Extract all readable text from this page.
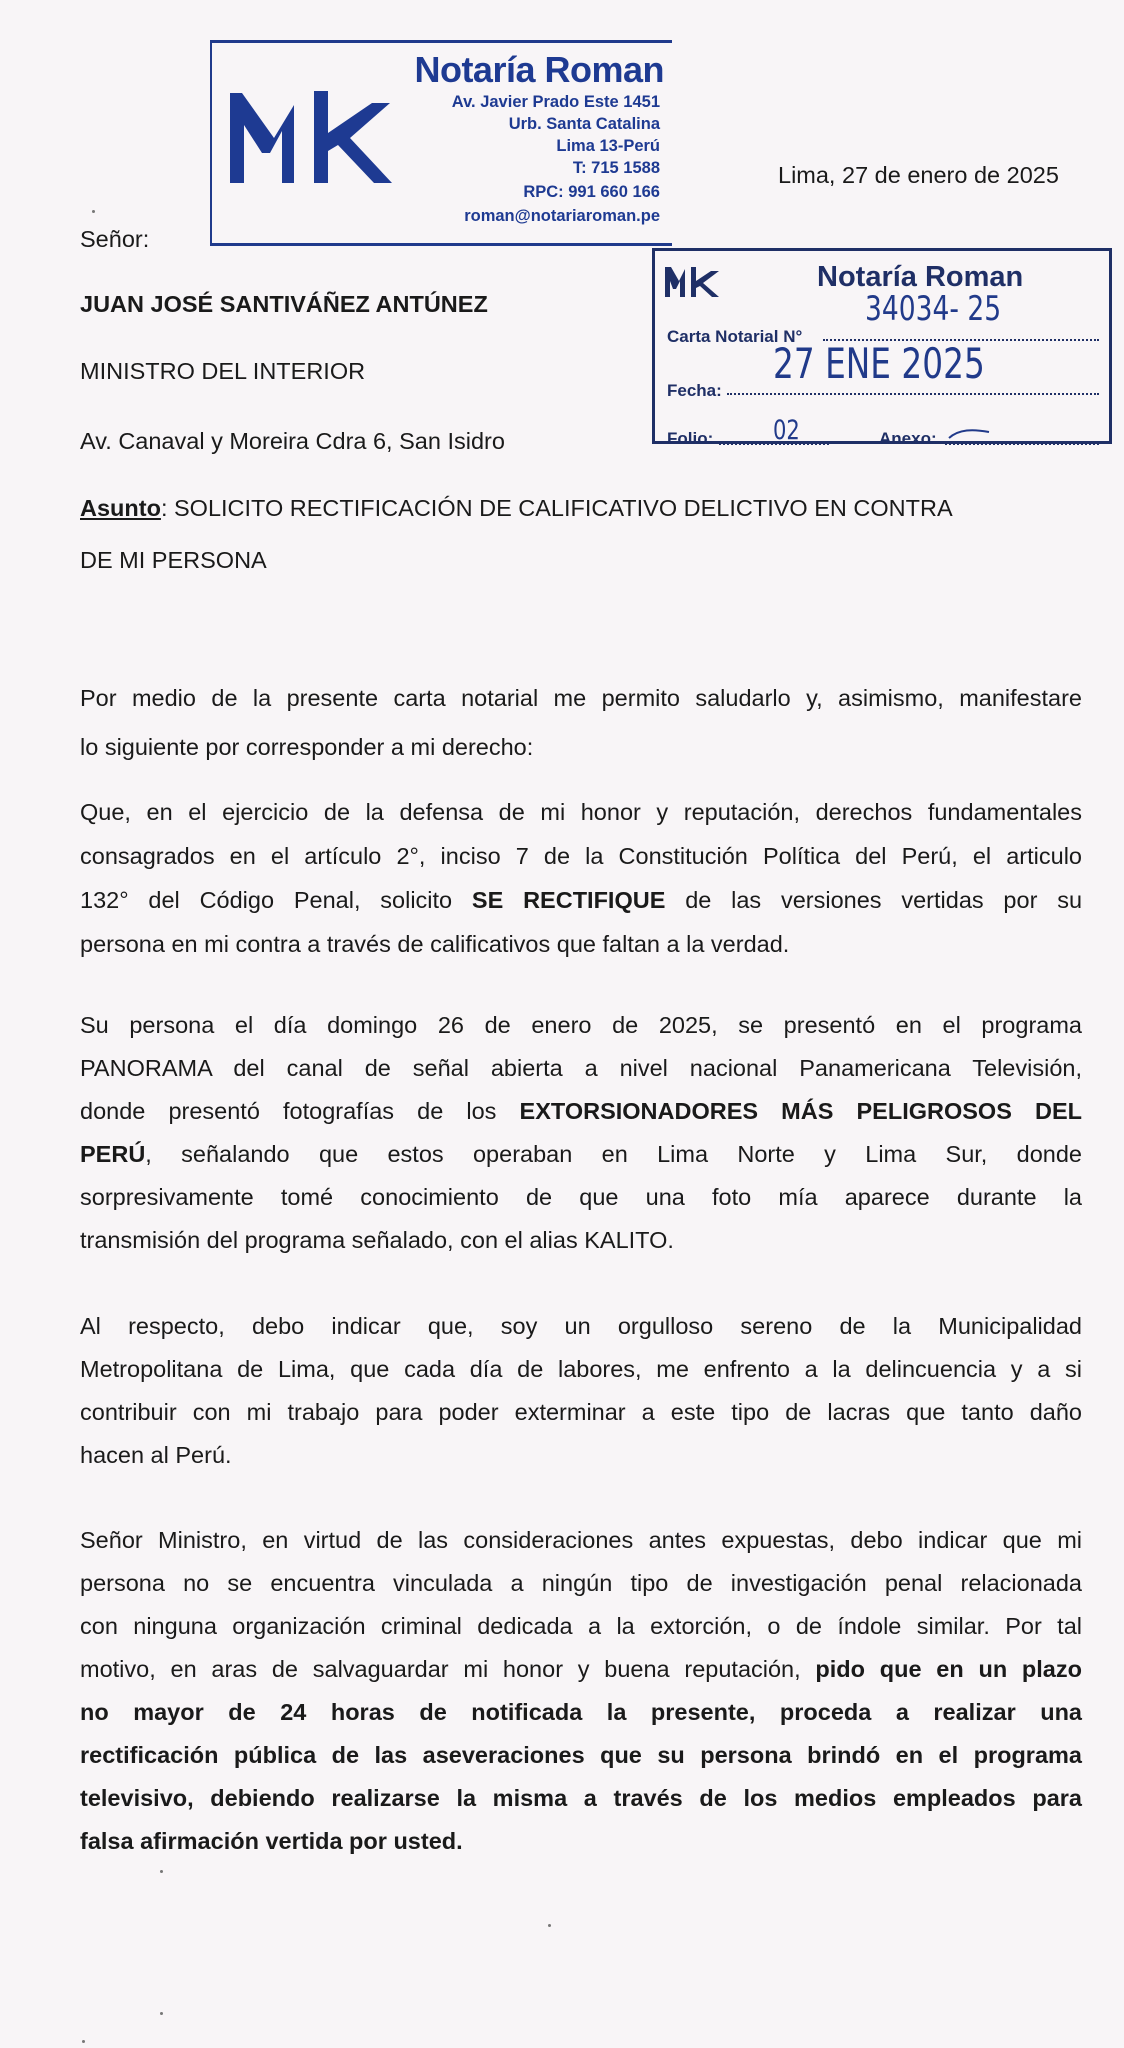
Notaría Roman
Av. Javier Prado Este 1451
Urb. Santa Catalina
Lima 13-Perú
T: 715 1588
RPC: 991 660 166
roman@notariaroman.pe
Lima, 27 de enero de 2025
Notaría Roman
Carta Notarial N°
34034- 25
Fecha:
27 ENE 2025
Folio: 02	Anexo:
Señor:
JUAN JOSÉ SANTIVÁÑEZ ANTÚNEZ
MINISTRO DEL INTERIOR
Av. Canaval y Moreira Cdra 6, San Isidro
Asunto: SOLICITO RECTIFICACIÓN DE CALIFICATIVO DELICTIVO EN CONTRA
DE MI PERSONA
Por medio de la presente carta notarial me permito saludarlo y, asimismo, manifestare
lo siguiente por corresponder a mi derecho:
Que, en el ejercicio de la defensa de mi honor y reputación, derechos fundamentales
consagrados en el artículo 2°, inciso 7 de la Constitución Política del Perú, el articulo
132° del Código Penal, solicito SE RECTIFIQUE de las versiones vertidas por su
persona en mi contra a través de calificativos que faltan a la verdad.
Su persona el día domingo 26 de enero de 2025, se presentó en el programa
PANORAMA del canal de señal abierta a nivel nacional Panamericana Televisión,
donde presentó fotografías de los EXTORSIONADORES MÁS PELIGROSOS DEL
PERÚ, señalando que estos operaban en Lima Norte y Lima Sur, donde
sorpresivamente tomé conocimiento de que una foto mía aparece durante la
transmisión del programa señalado, con el alias KALITO.
Al respecto, debo indicar que, soy un orgulloso sereno de la Municipalidad
Metropolitana de Lima, que cada día de labores, me enfrento a la delincuencia y a si
contribuir con mi trabajo para poder exterminar a este tipo de lacras que tanto daño
hacen al Perú.
Señor Ministro, en virtud de las consideraciones antes expuestas, debo indicar que mi
persona no se encuentra vinculada a ningún tipo de investigación penal relacionada
con ninguna organización criminal dedicada a la extorción, o de índole similar. Por tal
motivo, en aras de salvaguardar mi honor y buena reputación, pido que en un plazo
no mayor de 24 horas de notificada la presente, proceda a realizar una
rectificación pública de las aseveraciones que su persona brindó en el programa
televisivo, debiendo realizarse la misma a través de los medios empleados para
falsa afirmación vertida por usted.
